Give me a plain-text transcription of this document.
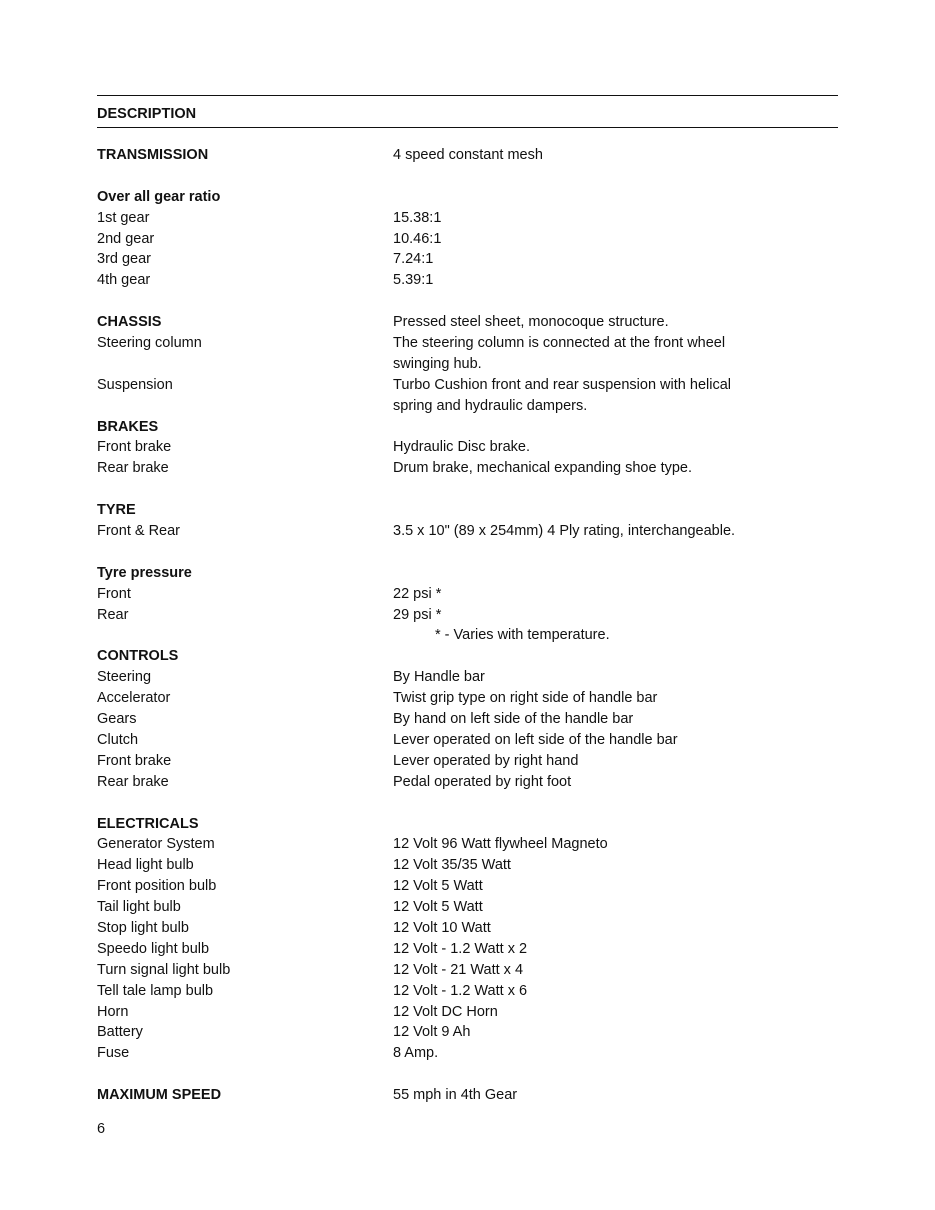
DESCRIPTION
TRANSMISSION	4 speed constant mesh
Over all gear ratio
1st gear	15.38:1
2nd gear	10.46:1
3rd gear	7.24:1
4th gear	5.39:1
CHASSIS	Pressed steel sheet, monocoque structure.
Steering column	The steering column is connected at the front wheel
swinging hub.
Suspension	Turbo Cushion front and rear suspension with helical
spring and hydraulic dampers.
BRAKES
Front brake	Hydraulic Disc brake.
Rear brake	Drum brake, mechanical expanding shoe type.
TYRE
Front & Rear	3.5 x 10" (89 x 254mm) 4 Ply rating, interchangeable.
Tyre pressure
Front	22 psi *
Rear	29 psi *
* - Varies with temperature.
CONTROLS
Steering	By Handle bar
Accelerator	Twist grip type on right side of handle bar
Gears	By hand on left side of the handle bar
Clutch	Lever operated on left side of the handle bar
Front brake	Lever operated by right hand
Rear brake	Pedal operated by right foot
ELECTRICALS
Generator System	12 Volt 96 Watt flywheel Magneto
Head light bulb	12 Volt 35/35 Watt
Front position bulb	12 Volt 5 Watt
Tail light bulb	12 Volt 5 Watt
Stop light bulb	12 Volt 10 Watt
Speedo light bulb	12 Volt - 1.2 Watt x 2
Turn signal light bulb	12 Volt - 21 Watt x 4
Tell tale lamp bulb	12 Volt - 1.2 Watt x 6
Horn	12 Volt DC Horn
Battery	12 Volt 9 Ah
Fuse	8 Amp.
MAXIMUM SPEED	55 mph in 4th Gear
6
